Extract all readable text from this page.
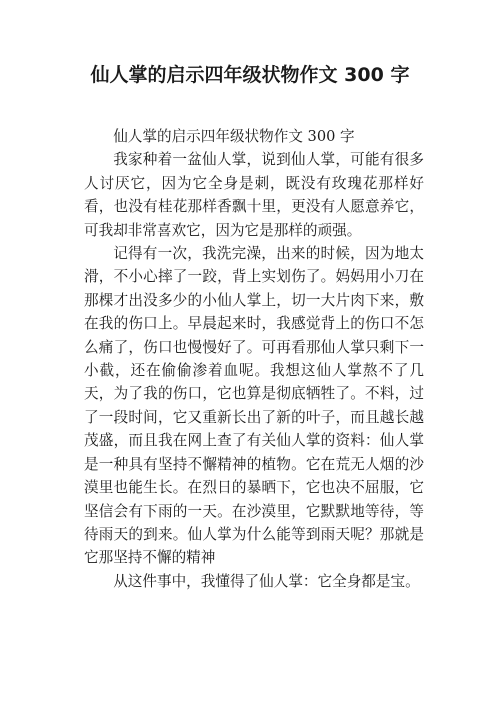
仙人掌的启示四年级状物作文 300 字

仙人掌的启示四年级状物作文 300 字

我家种着一盆仙人掌，说到仙人掌，可能有很多人讨厌它，因为它全身是刺，既没有玫瑰花那样好看，也没有桂花那样香飘十里，更没有人愿意养它，可我却非常喜欢它，因为它是那样的顽强。

记得有一次，我洗完澡，出来的时候，因为地太滑，不小心摔了一跤，背上实划伤了。妈妈用小刀在那棵才出没多少的小仙人掌上，切一大片肉下来，敷在我的伤口上。早晨起来时，我感觉背上的伤口不怎么痛了，伤口也慢慢好了。可再看那仙人掌只剩下一小截，还在偷偷渗着血呢。我想这仙人掌熬不了几天，为了我的伤口，它也算是彻底牺牲了。不料，过了一段时间，它又重新长出了新的叶子，而且越长越茂盛，而且我在网上查了有关仙人掌的资料：仙人掌是一种具有坚持不懈精神的植物。它在荒无人烟的沙漠里也能生长。在烈日的暴晒下，它也决不屈服，它坚信会有下雨的一天。在沙漠里，它默默地等待，等待雨天的到来。仙人掌为什么能等到雨天呢？那就是它那坚持不懈的精神

从这件事中，我懂得了仙人掌：它全身都是宝。
